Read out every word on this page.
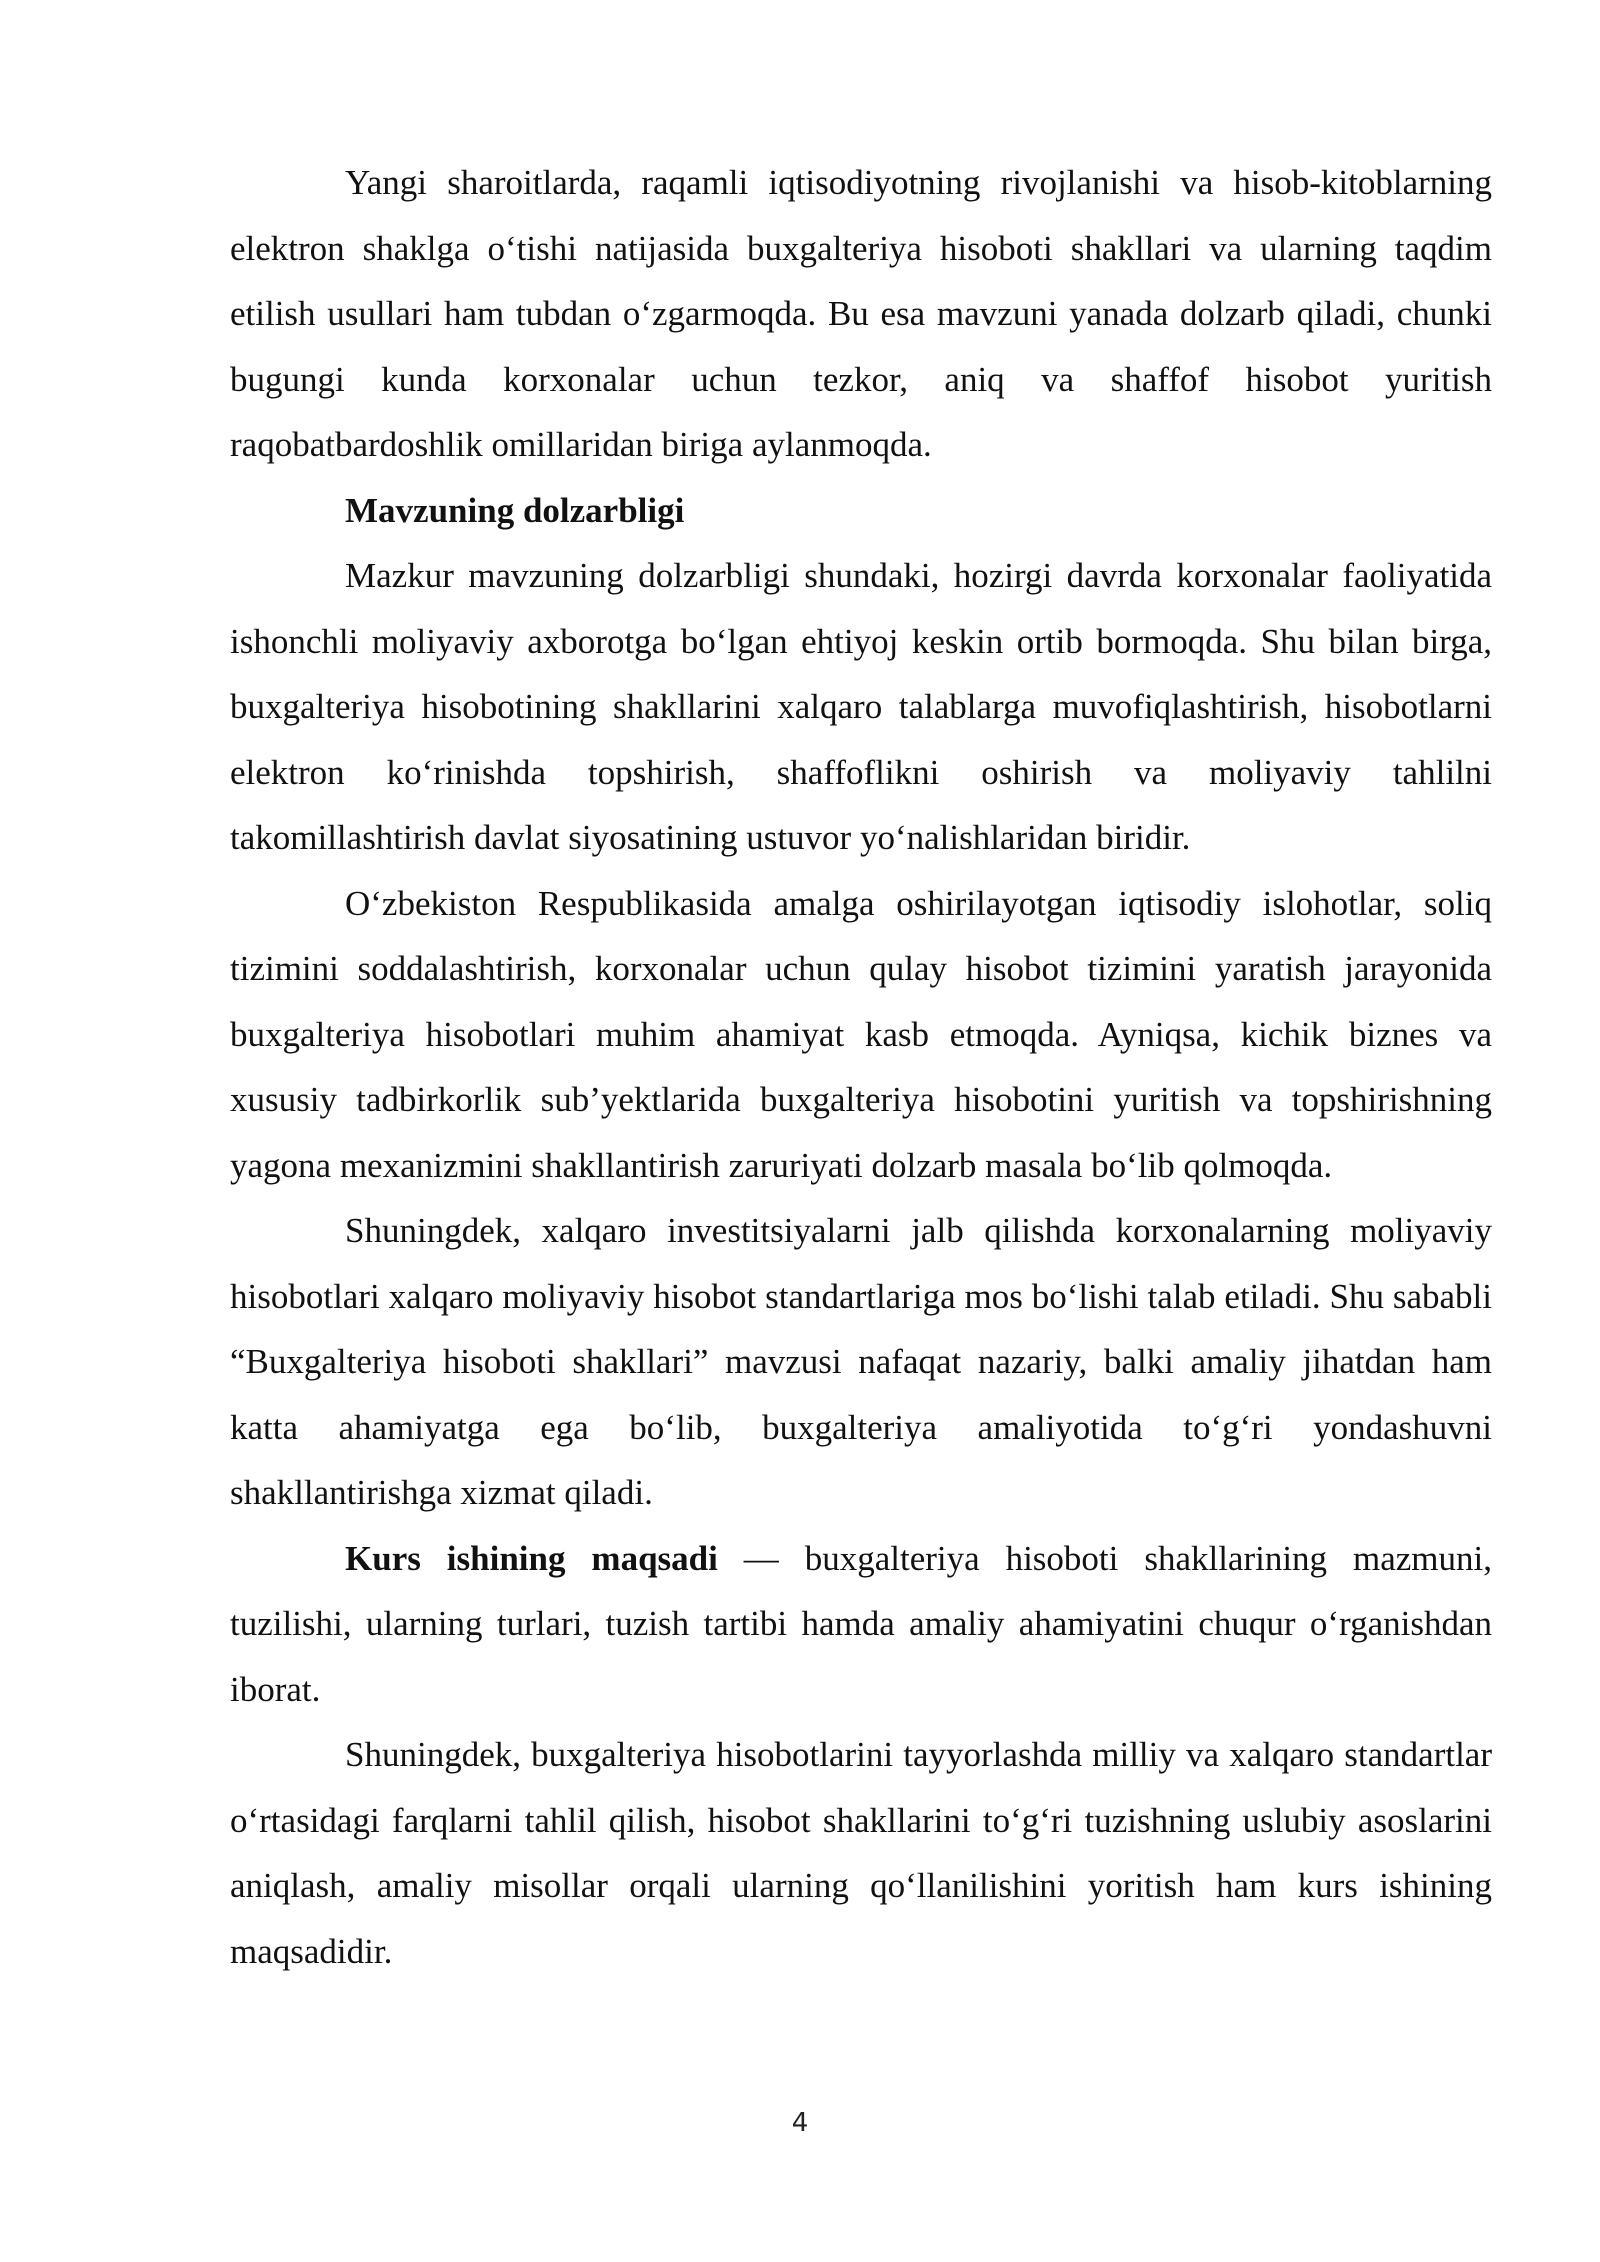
Yangi sharoitlarda, raqamli iqtisodiyotning rivojlanishi va hisob-kitoblarning elektron shaklga o‘tishi natijasida buxgalteriya hisoboti shakllari va ularning taqdim etilish usullari ham tubdan o‘zgarmoqda. Bu esa mavzuni yanada dolzarb qiladi, chunki bugungi kunda korxonalar uchun tezkor, aniq va shaffof hisobot yuritish raqobatbardoshlik omillaridan biriga aylanmoqda.

Mavzuning dolzarbligi

Mazkur mavzuning dolzarbligi shundaki, hozirgi davrda korxonalar faoliyatida ishonchli moliyaviy axborotga bo‘lgan ehtiyoj keskin ortib bormoqda. Shu bilan birga, buxgalteriya hisobotining shakllarini xalqaro talablarga muvofiqlashtirish, hisobotlarni elektron ko‘rinishda topshirish, shaffoflikni oshirish va moliyaviy tahlilni takomillashtirish davlat siyosatining ustuvor yo‘nalishlaridan biridir.

O‘zbekiston Respublikasida amalga oshirilayotgan iqtisodiy islohotlar, soliq tizimini soddalashtirish, korxonalar uchun qulay hisobot tizimini yaratish jarayonida buxgalteriya hisobotlari muhim ahamiyat kasb etmoqda. Ayniqsa, kichik biznes va xususiy tadbirkorlik sub’yektlarida buxgalteriya hisobotini yuritish va topshirishning yagona mexanizmini shakllantirish zaruriyati dolzarb masala bo‘lib qolmoqda.

Shuningdek, xalqaro investitsiyalarni jalb qilishda korxonalarning moliyaviy hisobotlari xalqaro moliyaviy hisobot standartlariga mos bo‘lishi talab etiladi. Shu sababli “Buxgalteriya hisoboti shakllari” mavzusi nafaqat nazariy, balki amaliy jihatdan ham katta ahamiyatga ega bo‘lib, buxgalteriya amaliyotida to‘g‘ri yondashuvni shakllantirishga xizmat qiladi.

Kurs ishining maqsadi — buxgalteriya hisoboti shakllarining mazmuni, tuzilishi, ularning turlari, tuzish tartibi hamda amaliy ahamiyatini chuqur o‘rganishdan iborat.

Shuningdek, buxgalteriya hisobotlarini tayyorlashda milliy va xalqaro standartlar o‘rtasidagi farqlarni tahlil qilish, hisobot shakllarini to‘g‘ri tuzishning uslubiy asoslarini aniqlash, amaliy misollar orqali ularning qo‘llanilishini yoritish ham kurs ishining maqsadidir.

4
